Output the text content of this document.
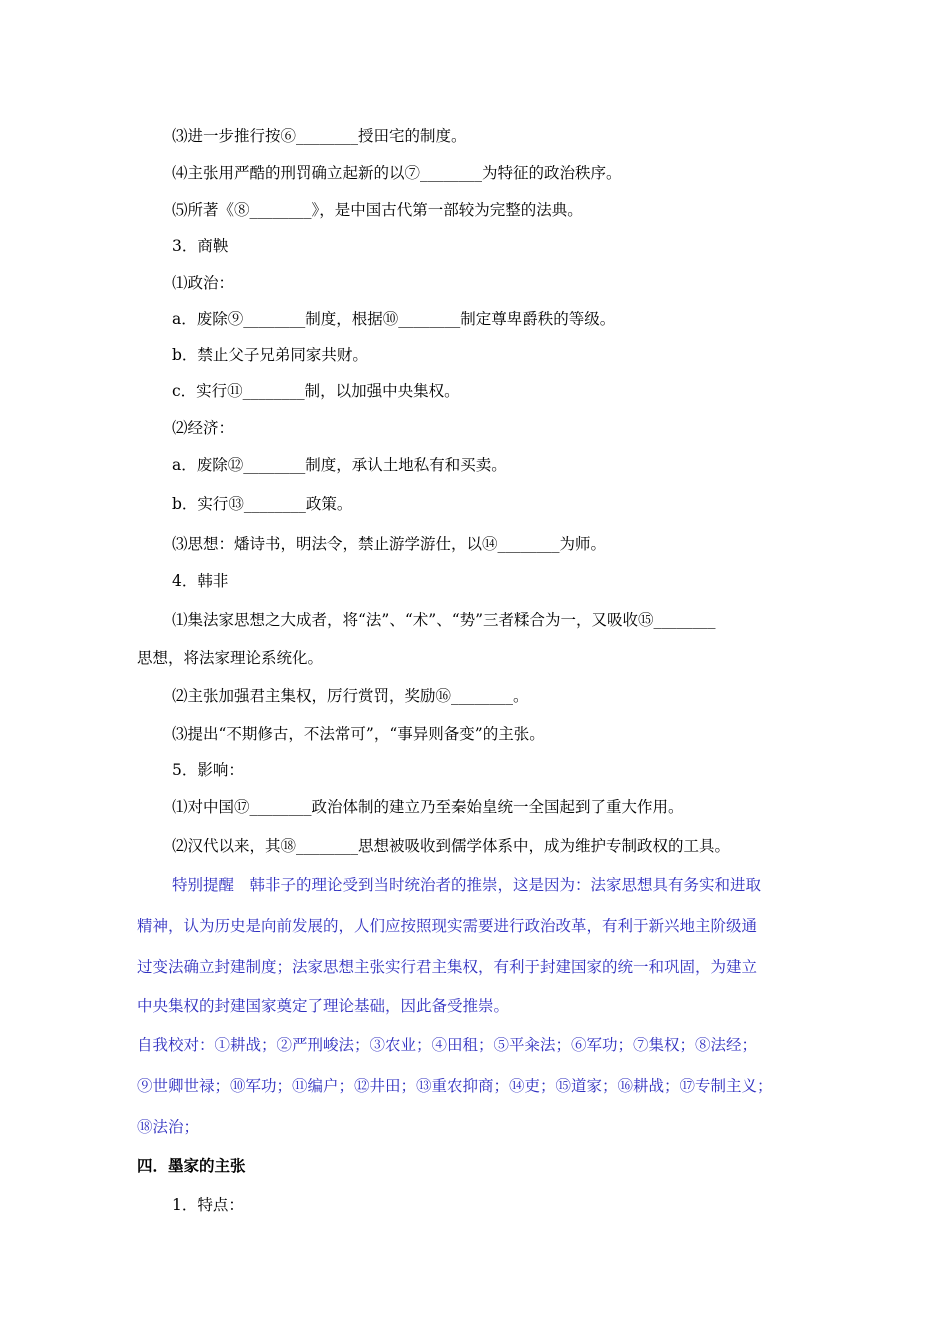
⑶进一步推行按⑥________授田宅的制度。
⑷主张用严酷的刑罚确立起新的以⑦________为特征的政治秩序。
⑸所著《⑧________》，是中国古代第一部较为完整的法典。
3．商鞅
⑴政治：
a．废除⑨________制度，根据⑩________制定尊卑爵秩的等级。
b．禁止父子兄弟同家共财。
c．实行⑪________制，以加强中央集权。
⑵经济：
a．废除⑫________制度，承认土地私有和买卖。
b．实行⑬________政策。
⑶思想：燔诗书，明法令，禁止游学游仕，以⑭________为师。
4．韩非
⑴集法家思想之大成者，将“法”、“术”、“势”三者糅合为一，又吸收⑮________
思想，将法家理论系统化。
⑵主张加强君主集权，厉行赏罚，奖励⑯________。
⑶提出“不期修古，不法常可”，“事异则备变”的主张。
5．影响：
⑴对中国⑰________政治体制的建立乃至秦始皇统一全国起到了重大作用。
⑵汉代以来，其⑱________思想被吸收到儒学体系中，成为维护专制政权的工具。
特别提醒　韩非子的理论受到当时统治者的推崇，这是因为：法家思想具有务实和进取
精神，认为历史是向前发展的，人们应按照现实需要进行政治改革，有利于新兴地主阶级通
过变法确立封建制度；法家思想主张实行君主集权，有利于封建国家的统一和巩固，为建立
中央集权的封建国家奠定了理论基础，因此备受推崇。
自我校对：①耕战；②严刑峻法；③农业；④田租；⑤平籴法；⑥军功；⑦集权；⑧法经；
⑨世卿世禄；⑩军功；⑪编户；⑫井田；⑬重农抑商；⑭吏；⑮道家；⑯耕战；⑰专制主义；
⑱法治；
四．墨家的主张
1．特点：
